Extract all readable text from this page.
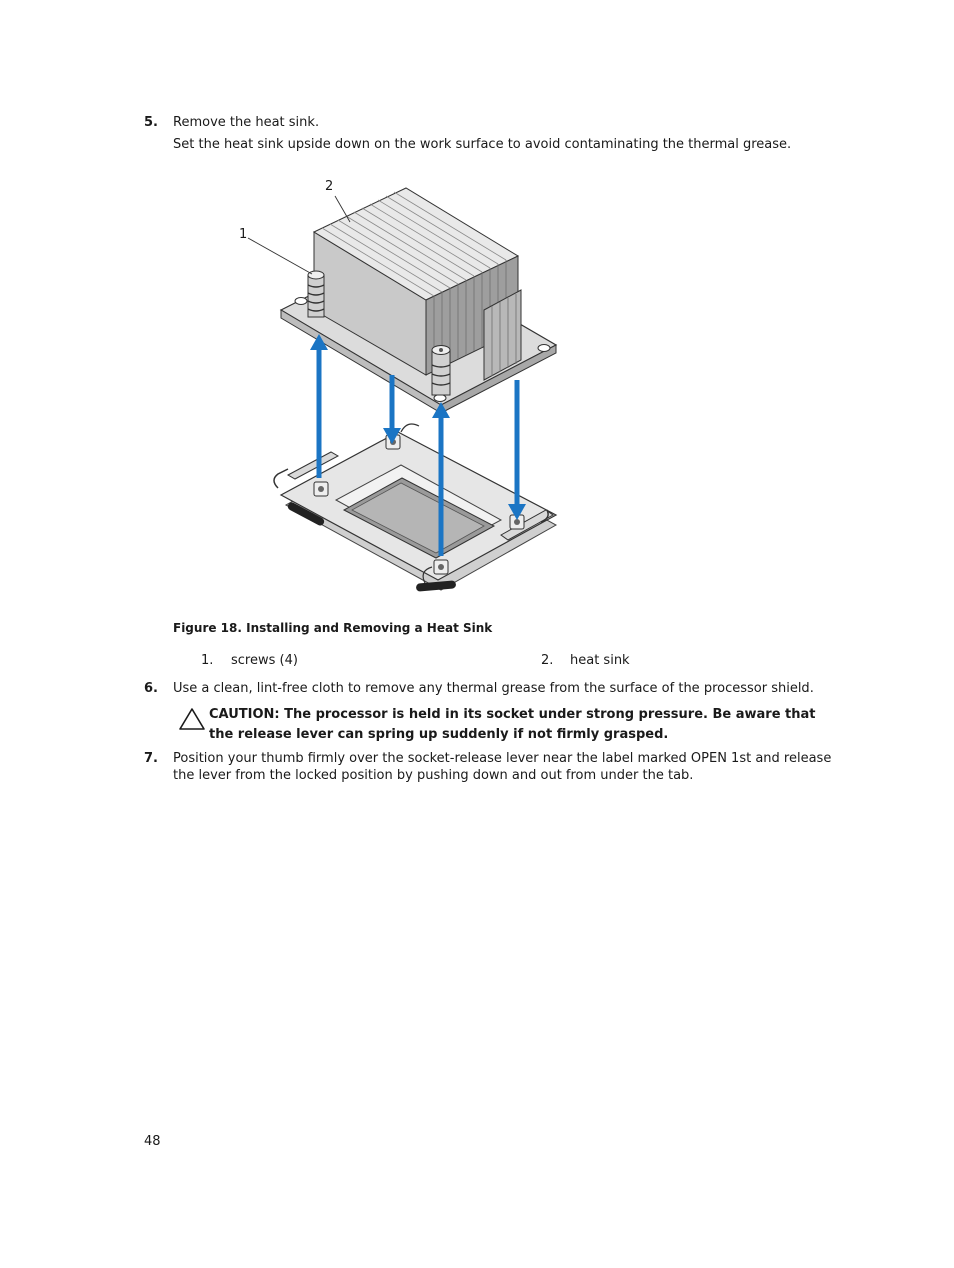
5.	Remove the heat sink.
Set the heat sink upside down on the work surface to avoid contaminating the thermal grease.
1
2
Figure 18. Installing and Removing a Heat Sink
1. screws (4)	2. heat sink
6.	Use a clean, lint-free cloth to remove any thermal grease from the surface of the processor shield.
CAUTION: The processor is held in its socket under strong pressure. Be aware that the release lever can spring up suddenly if not firmly grasped.
7.	Position your thumb firmly over the socket-release lever near the label marked OPEN 1st and release the lever from the locked position by pushing down and out from under the tab.
48
